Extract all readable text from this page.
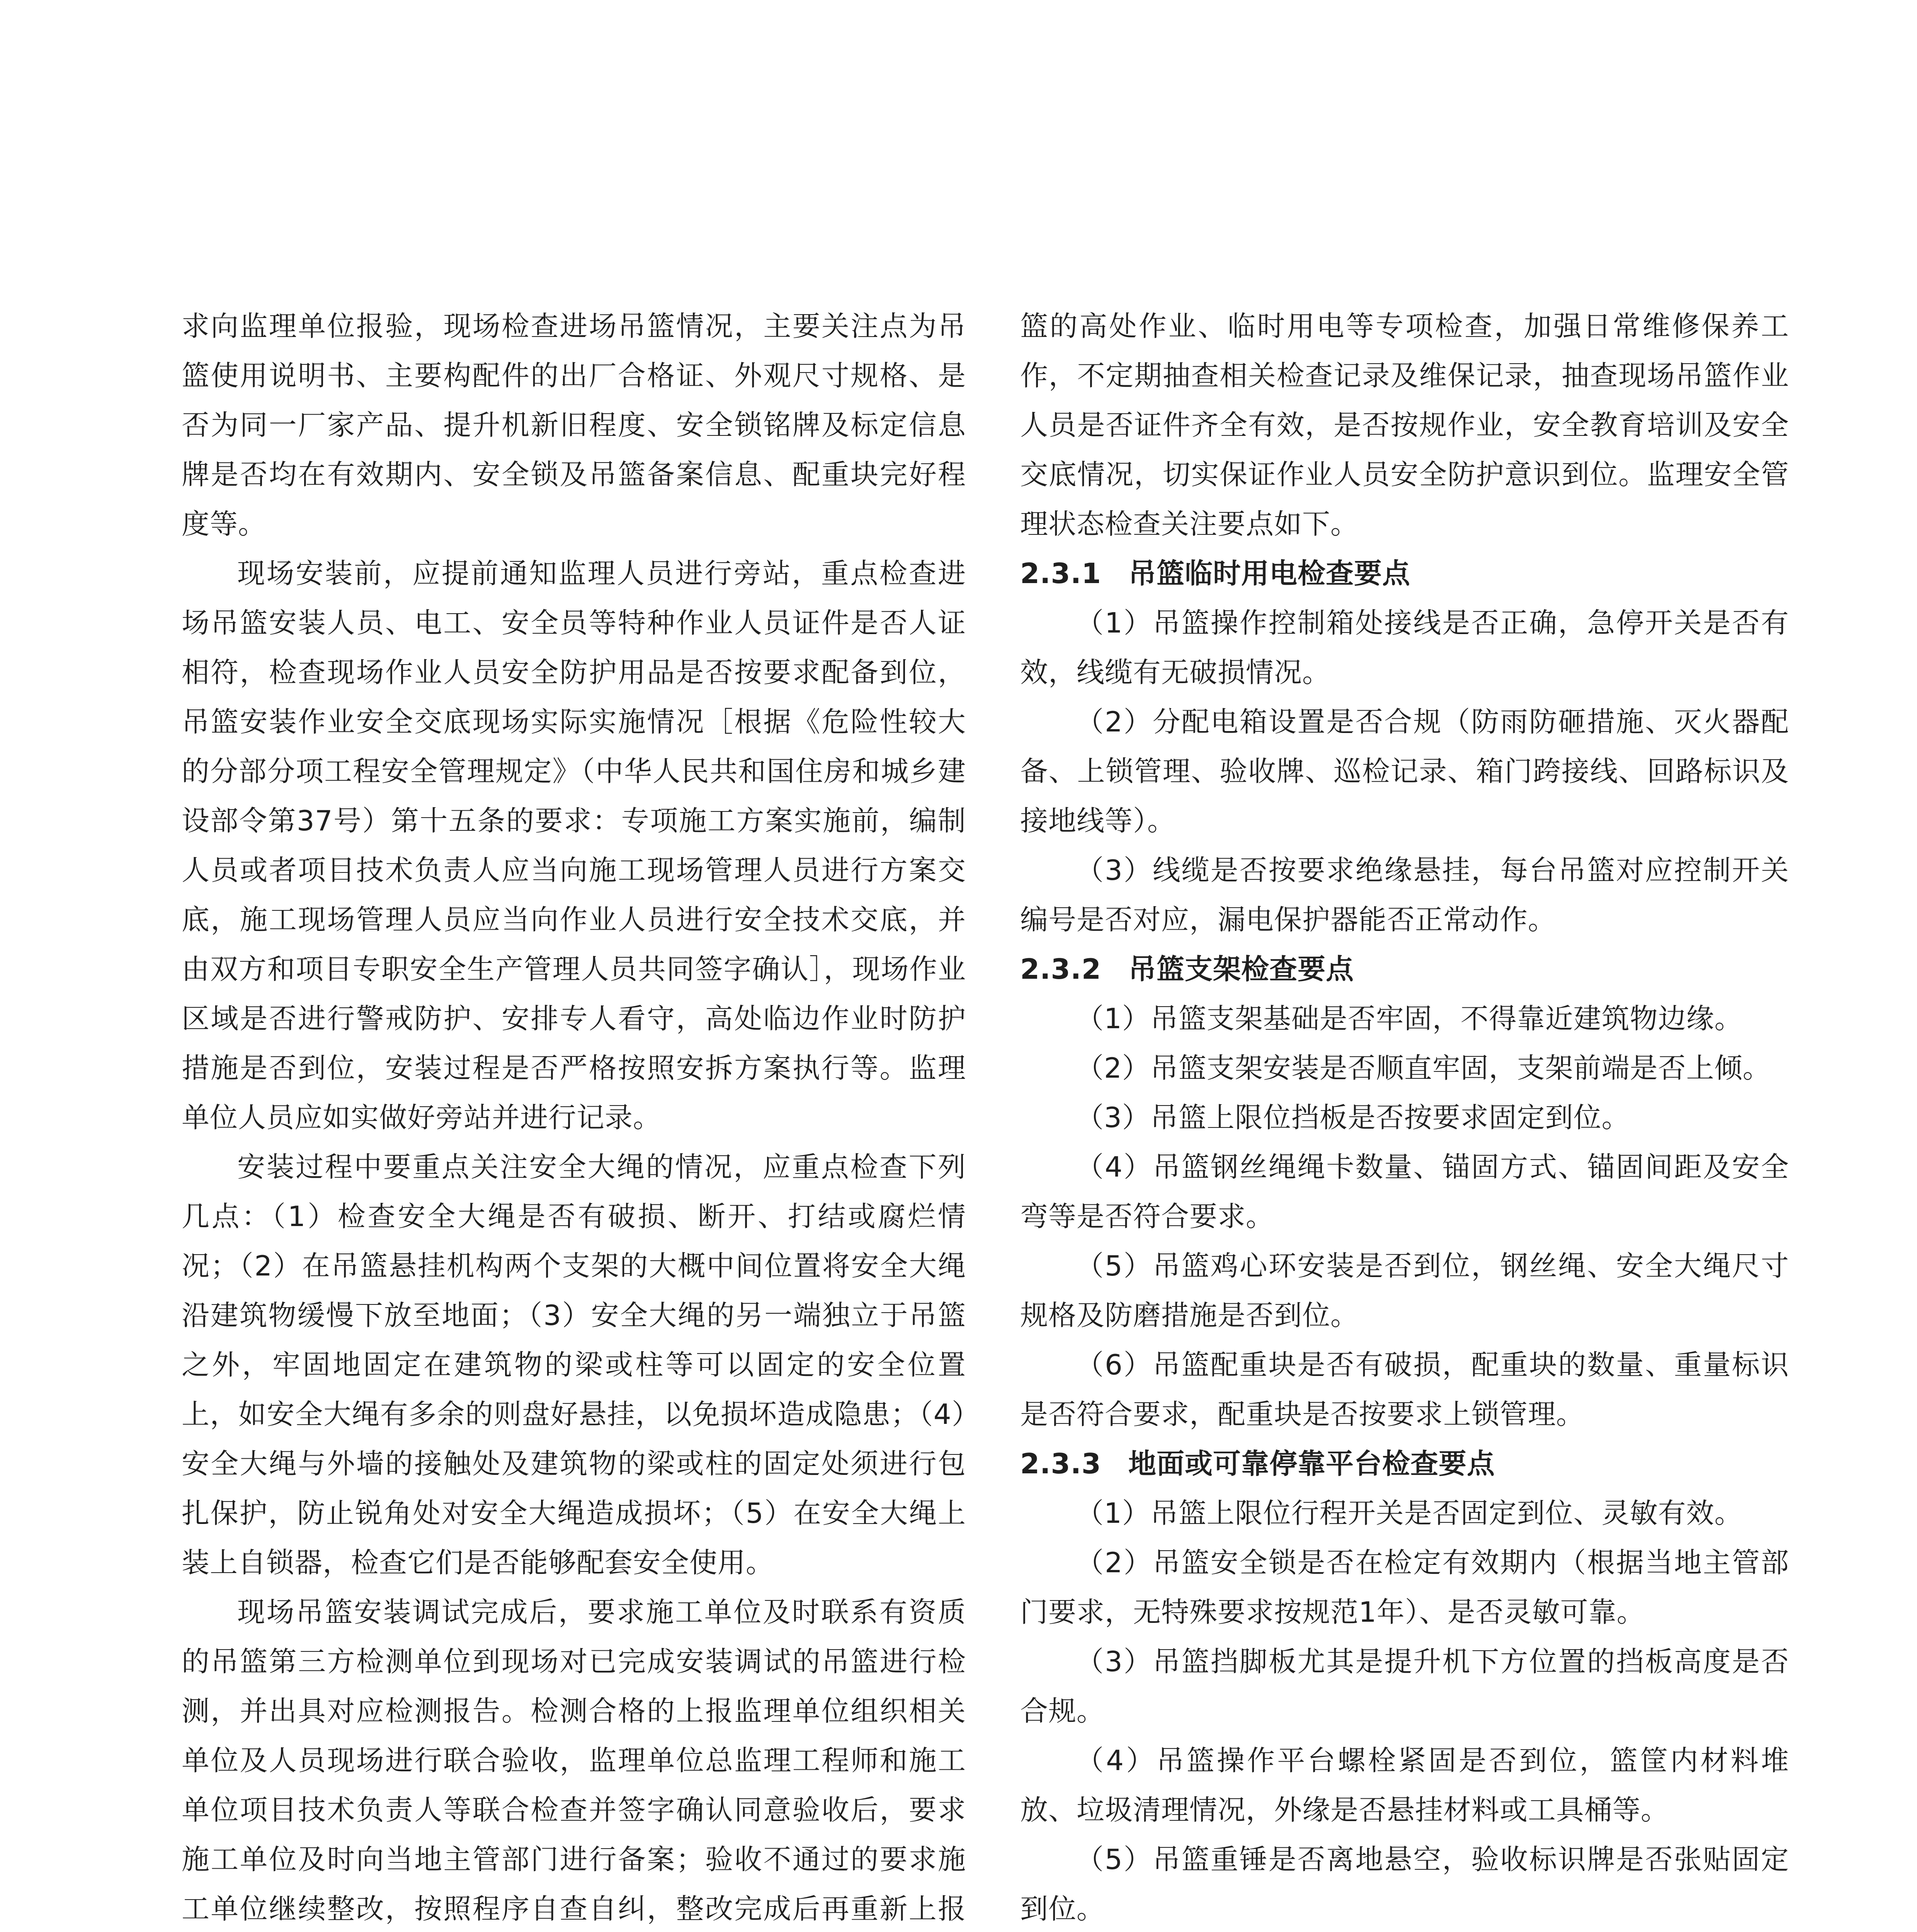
求向监理单位报验，现场检查进场吊篮情况，主要关注点为吊篮使用说明书、主要构配件的出厂合格证、外观尺寸规格、是否为同一厂家产品、提升机新旧程度、安全锁铭牌及标定信息牌是否均在有效期内、安全锁及吊篮备案信息、配重块完好程度等。

现场安装前，应提前通知监理人员进行旁站，重点检查进场吊篮安装人员、电工、安全员等特种作业人员证件是否人证相符，检查现场作业人员安全防护用品是否按要求配备到位，吊篮安装作业安全交底现场实际实施情况［根据《危险性较大的分部分项工程安全管理规定》（中华人民共和国住房和城乡建设部令第37号）第十五条的要求：专项施工方案实施前，编制人员或者项目技术负责人应当向施工现场管理人员进行方案交底，施工现场管理人员应当向作业人员进行安全技术交底，并由双方和项目专职安全生产管理人员共同签字确认］，现场作业区域是否进行警戒防护、安排专人看守，高处临边作业时防护措施是否到位，安装过程是否严格按照安拆方案执行等。监理单位人员应如实做好旁站并进行记录。

安装过程中要重点关注安全大绳的情况，应重点检查下列几点：（1）检查安全大绳是否有破损、断开、打结或腐烂情况；（2）在吊篮悬挂机构两个支架的大概中间位置将安全大绳沿建筑物缓慢下放至地面；（3）安全大绳的另一端独立于吊篮之外，牢固地固定在建筑物的梁或柱等可以固定的安全位置上，如安全大绳有多余的则盘好悬挂，以免损坏造成隐患；（4）安全大绳与外墙的接触处及建筑物的梁或柱的固定处须进行包扎保护，防止锐角处对安全大绳造成损坏；（5）在安全大绳上装上自锁器，检查它们是否能够配套安全使用。

现场吊篮安装调试完成后，要求施工单位及时联系有资质的吊篮第三方检测单位到现场对已完成安装调试的吊篮进行检测，并出具对应检测报告。检测合格的上报监理单位组织相关单位及人员现场进行联合验收，监理单位总监理工程师和施工单位项目技术负责人等联合检查并签字确认同意验收后，要求施工单位及时向当地主管部门进行备案；验收不通过的要求施工单位继续整改，按照程序自查自纠，整改完成后再重新上报

篮的高处作业、临时用电等专项检查，加强日常维修保养工作，不定期抽查相关检查记录及维保记录，抽查现场吊篮作业人员是否证件齐全有效，是否按规作业，安全教育培训及安全交底情况，切实保证作业人员安全防护意识到位。监理安全管理状态检查关注要点如下。

2.3.1 吊篮临时用电检查要点

（1）吊篮操作控制箱处接线是否正确，急停开关是否有效，线缆有无破损情况。

（2）分配电箱设置是否合规（防雨防砸措施、灭火器配备、上锁管理、验收牌、巡检记录、箱门跨接线、回路标识及接地线等）。

（3）线缆是否按要求绝缘悬挂，每台吊篮对应控制开关编号是否对应，漏电保护器能否正常动作。

2.3.2 吊篮支架检查要点

（1）吊篮支架基础是否牢固，不得靠近建筑物边缘。

（2）吊篮支架安装是否顺直牢固，支架前端是否上倾。

（3）吊篮上限位挡板是否按要求固定到位。

（4）吊篮钢丝绳绳卡数量、锚固方式、锚固间距及安全弯等是否符合要求。

（5）吊篮鸡心环安装是否到位，钢丝绳、安全大绳尺寸规格及防磨措施是否到位。

（6）吊篮配重块是否有破损，配重块的数量、重量标识是否符合要求，配重块是否按要求上锁管理。

2.3.3 地面或可靠停靠平台检查要点

（1）吊篮上限位行程开关是否固定到位、灵敏有效。

（2）吊篮安全锁是否在检定有效期内（根据当地主管部门要求，无特殊要求按规范1年）、是否灵敏可靠。

（3）吊篮挡脚板尤其是提升机下方位置的挡板高度是否合规。

（4）吊篮操作平台螺栓紧固是否到位，篮筐内材料堆放、垃圾清理情况，外缘是否悬挂材料或工具桶等。

（5）吊篮重锤是否离地悬空，验收标识牌是否张贴固定到位。
